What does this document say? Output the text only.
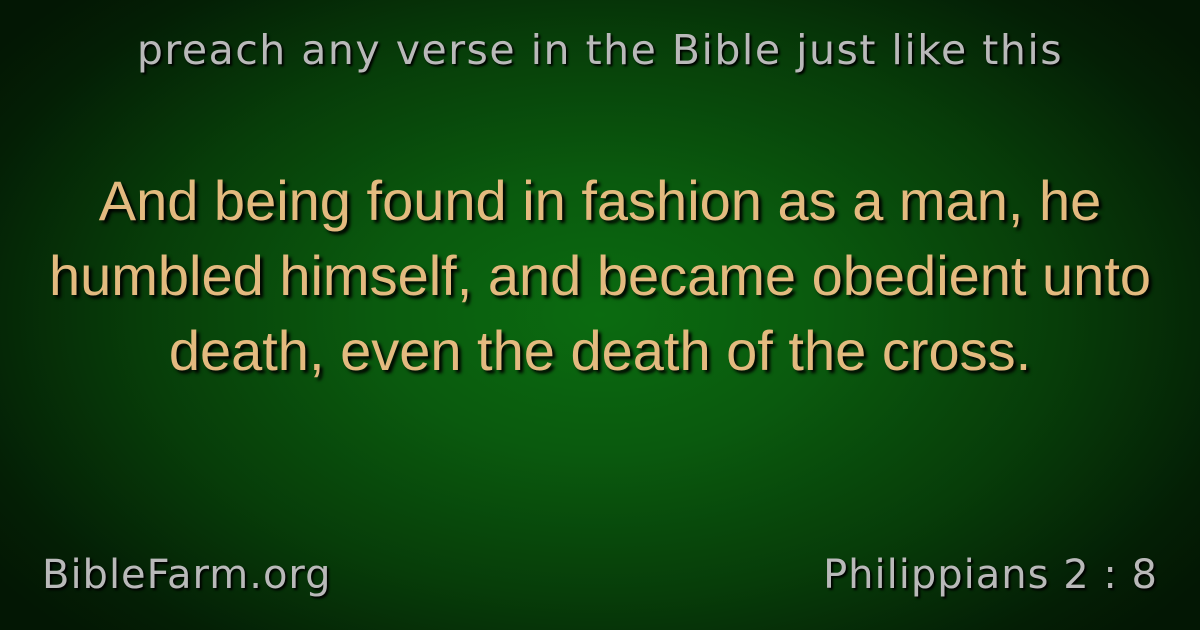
preach any verse in the Bible just like this
And being found in fashion as a man, he humbled himself, and became obedient unto death, even the death of the cross.
BibleFarm.org	Philippians 2 : 8
